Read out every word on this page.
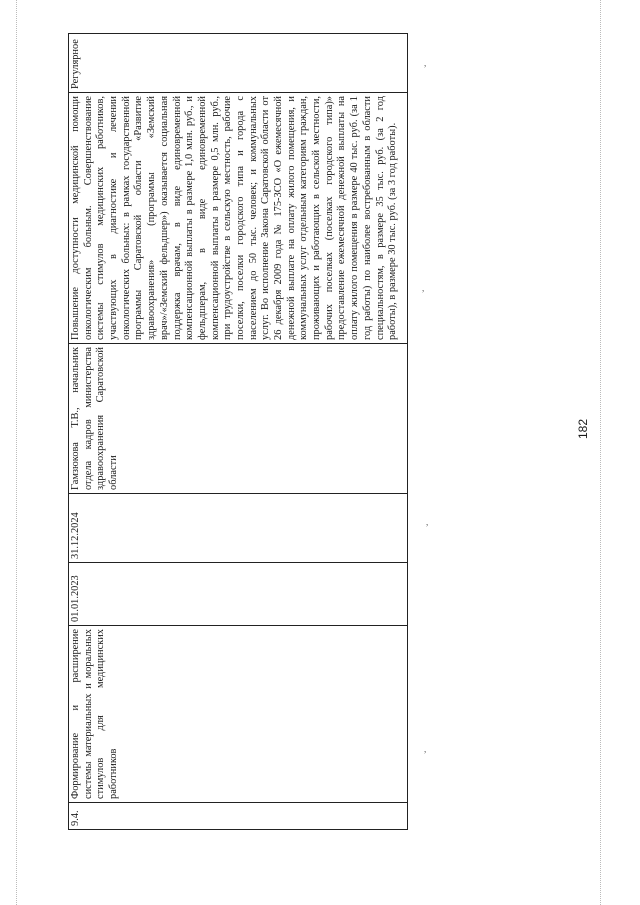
9.4.	Формирование и расширение системы материальных и моральных стимулов для медицинских работников	01.01.2023	31.12.2024	Гамзюкова Т.В., начальник отдела кадров министерства здравоохранения Саратовской области	Повышение доступности медицинской помощи онкологическим больным. Совершенствование системы стимулов медицинских работников, участвующих в диагностике и лечении онкологических больных: в рамках государственной программы Саратовской области «Развитие здравоохранения» (программы «Земский врач»/«Земский фельдшер») оказывается социальная поддержка врачам, в виде единовременной компенсационной выплаты в размере 1,0 млн. руб., и фельдшерам, в виде единовременной компенсационной выплаты в размере 0,5 млн. руб., при трудоустройстве в сельскую местность, рабочие поселки, поселки городского типа и города с населением до 50 тыс. человек; и коммунальных услуг. Во исполнение Закона Саратовской области от 26 декабря 2009 года № 175-ЗСО «О ежемесячной денежной выплате на оплату жилого помещения, и коммунальных услуг отдельным категориям граждан, проживающих и работающих в сельской местности, рабочих поселках (поселках городского типа)» предоставление ежемесячной денежной выплаты на оплату жилого помещения в размере 40 тыс. руб. (за 1 год работы) по наиболее востребованным в области специальностям, в размере 35 тыс. руб. (за 2 год работы), в размере 30 тыс. руб. (за 3 год работы).	Регулярное
182
,
,
,
,
